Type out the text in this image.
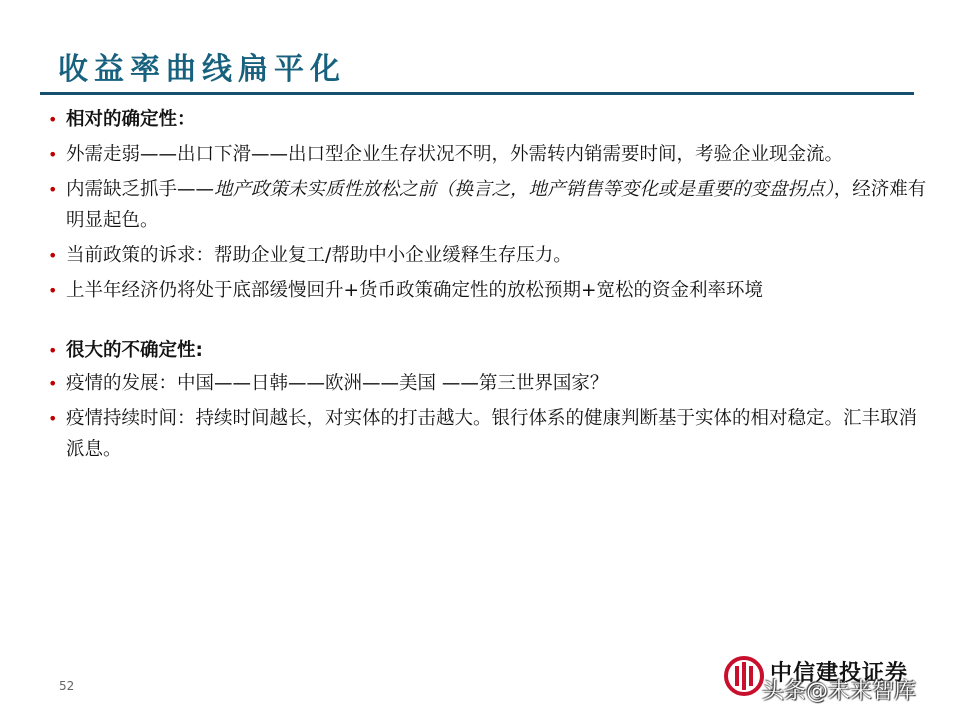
收益率曲线扁平化

• 相对的确定性：

• 外需走弱——出口下滑——出口型企业生存状况不明，外需转内销需要时间，考验企业现金流。

• 内需缺乏抓手——地产政策未实质性放松之前（换言之，地产销售等变化或是重要的变盘拐点），经济难有明显起色。

• 当前政策的诉求：帮助企业复工/帮助中小企业缓释生存压力。

• 上半年经济仍将处于底部缓慢回升+货币政策确定性的放松预期+宽松的资金利率环境

• 很大的不确定性:

• 疫情的发展：中国——日韩——欧洲——美国 ——第三世界国家？

• 疫情持续时间：持续时间越长，对实体的打击越大。银行体系的健康判断基于实体的相对稳定。汇丰取消派息。

52	中信建投证券
头条@未来智库
